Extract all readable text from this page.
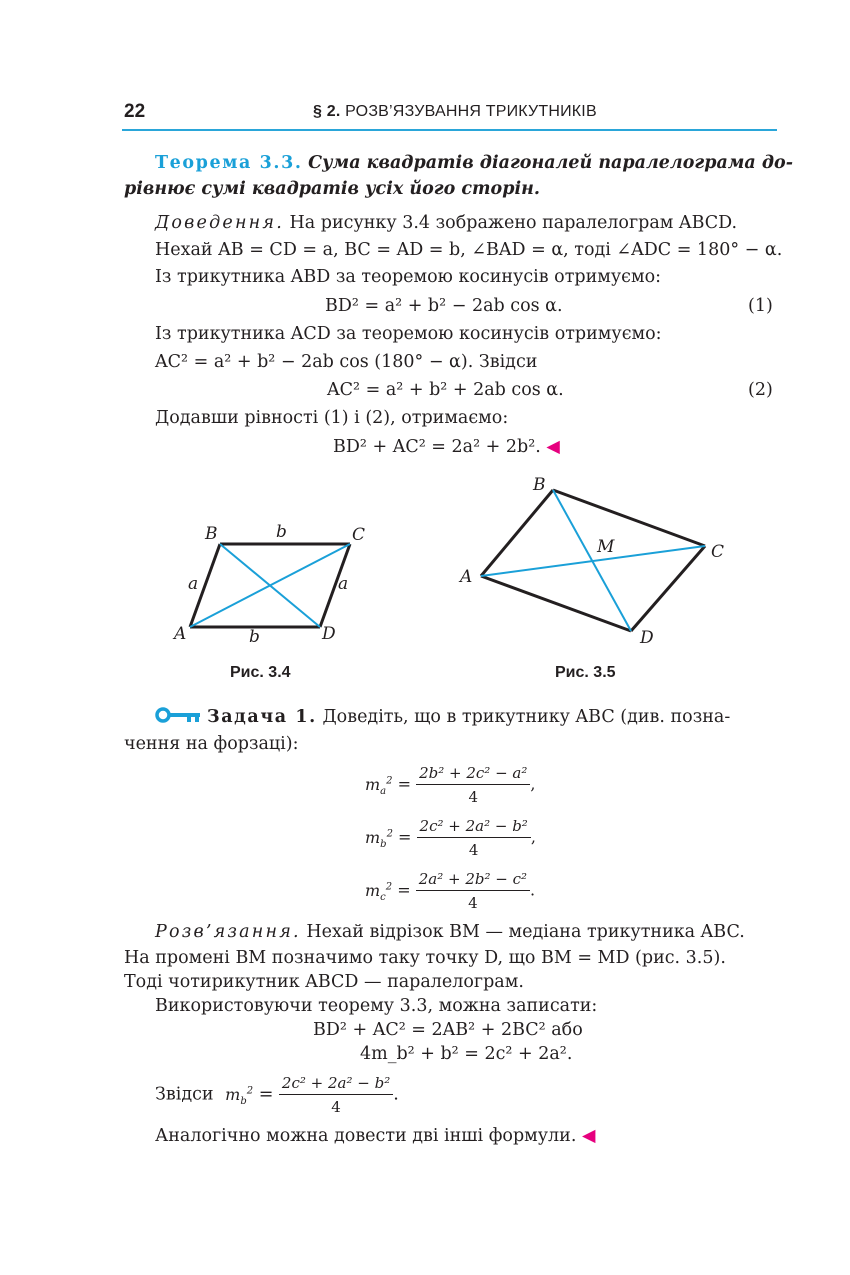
22	§ 2. РОЗВ’ЯЗУВАННЯ ТРИКУТНИКІВ
Теорема 3.3. Сума квадратів діагоналей паралелограма до-
рівнює сумі квадратів усіх його сторін.
Доведення. На рисунку 3.4 зображено паралелограм ABCD.
Нехай AB = CD = a, BC = AD = b, ∠BAD = α, тоді ∠ADC = 180° − α.
Із трикутника ABD за теоремою косинусів отримуємо:
BD² = a² + b² − 2ab cos α.	(1)
Із трикутника ACD за теоремою косинусів отримуємо:
AC² = a² + b² − 2ab cos (180° − α). Звідси
AC² = a² + b² + 2ab cos α.	(2)
Додавши рівності (1) і (2), отримаємо:
BD² + AC² = 2a² + 2b². ◀
B	C
A	D
b
b
a	a
Рис. 3.4
B
C
A
D
M
Рис. 3.5
Задача 1. Доведіть, що в трикутнику ABC (див. позна-
чення на форзаці):
$m_a^2 = \frac{\text{2b² + 2c² − a²}}{4}$ ,
$m_b^2 = \frac{\text{2c² + 2a² − b²}}{4}$ ,
$m_c^2 = \frac{\text{2a² + 2b² − c²}}{4}$ .
Розв’язання. Нехай відрізок BM — медіана трикутника ABC.
На промені BM позначимо таку точку D, що BM = MD (рис. 3.5).
Тоді чотирикутник ABCD — паралелограм.
Використовуючи теорему 3.3, можна записати:
BD² + AC² = 2AB² + 2BC² або
4m_b² + b² = 2c² + 2a².
Звідси $m_b^2 = \frac{\text{2c² + 2a² − b²}}{4}$ .
Аналогічно можна довести дві інші формули. ◀
